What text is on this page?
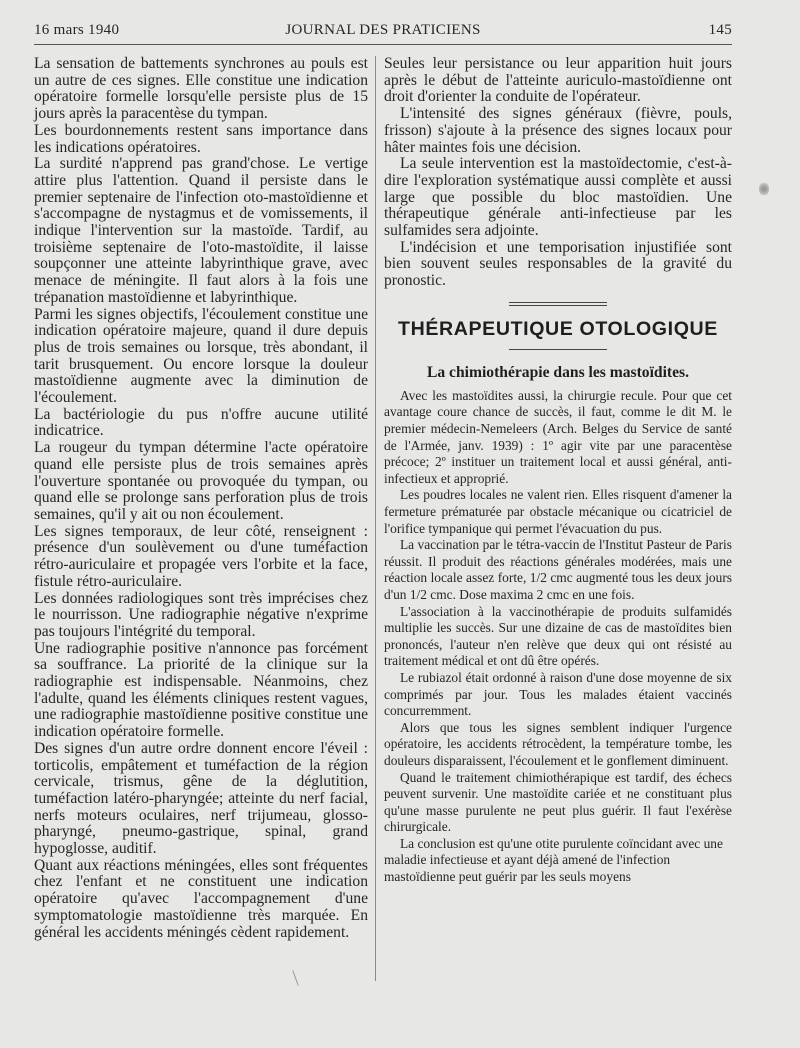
16 mars 1940	JOURNAL DES PRATICIENS	145

La sensation de battements synchrones au pouls est un autre de ces signes. Elle constitue une indication opératoire formelle lorsqu'elle persiste plus de 15 jours après la paracentèse du tympan.

Les bourdonnements restent sans importance dans les indications opératoires.

La surdité n'apprend pas grand'chose. Le vertige attire plus l'attention. Quand il persiste dans le premier septenaire de l'infection oto-mastoïdienne et s'accompagne de nystagmus et de vomissements, il indique l'intervention sur la mastoïde. Tardif, au troisième septenaire de l'oto-mastoïdite, il laisse soupçonner une atteinte labyrinthique grave, avec menace de méningite. Il faut alors à la fois une trépanation mastoïdienne et labyrinthique.

Parmi les signes objectifs, l'écoulement constitue une indication opératoire majeure, quand il dure depuis plus de trois semaines ou lorsque, très abondant, il tarit brusquement. Ou encore lorsque la douleur mastoïdienne augmente avec la diminution de l'écoulement.

La bactériologie du pus n'offre aucune utilité indicatrice.

La rougeur du tympan détermine l'acte opératoire quand elle persiste plus de trois semaines après l'ouverture spontanée ou provoquée du tympan, ou quand elle se prolonge sans perforation plus de trois semaines, qu'il y ait ou non écoulement.

Les signes temporaux, de leur côté, renseignent : présence d'un soulèvement ou d'une tuméfaction rétro-auriculaire et propagée vers l'orbite et la face, fistule rétro-auriculaire.

Les données radiologiques sont très imprécises chez le nourrisson. Une radiographie négative n'exprime pas toujours l'intégrité du temporal.

Une radiographie positive n'annonce pas forcément sa souffrance. La priorité de la clinique sur la radiographie est indispensable. Néanmoins, chez l'adulte, quand les éléments cliniques restent vagues, une radiographie mastoïdienne positive constitue une indication opératoire formelle.

Des signes d'un autre ordre donnent encore l'éveil : torticolis, empâtement et tuméfaction de la région cervicale, trismus, gêne de la déglutition, tuméfaction latéro-pharyngée; atteinte du nerf facial, nerfs moteurs oculaires, nerf trijumeau, glosso-pharyngé, pneumo-gastrique, spinal, grand hypoglosse, auditif.

Quant aux réactions méningées, elles sont fréquentes chez l'enfant et ne constituent une indication opératoire qu'avec l'accompagnement d'une symptomatologie mastoïdienne très marquée. En général les accidents méningés cèdent rapidement.

Seules leur persistance ou leur apparition huit jours après le début de l'atteinte auriculo-mastoïdienne ont droit d'orienter la conduite de l'opérateur.

L'intensité des signes généraux (fièvre, pouls, frisson) s'ajoute à la présence des signes locaux pour hâter maintes fois une décision.

La seule intervention est la mastoïdectomie, c'est-à-dire l'exploration systématique aussi complète et aussi large que possible du bloc mastoïdien. Une thérapeutique générale anti-infectieuse par les sulfamides sera adjointe.

L'indécision et une temporisation injustifiée sont bien souvent seules responsables de la gravité du pronostic.

THÉRAPEUTIQUE OTOLOGIQUE
La chimiothérapie dans les mastoïdites.

Avec les mastoïdites aussi, la chirurgie recule. Pour que cet avantage coure chance de succès, il faut, comme le dit M. le premier médecin-Nemeleers (Arch. Belges du Service de santé de l'Armée, janv. 1939) : 1º agir vite par une paracentèse précoce; 2º instituer un traitement local et aussi général, anti-infectieux et approprié.

Les poudres locales ne valent rien. Elles risquent d'amener la fermeture prématurée par obstacle mécanique ou cicatriciel de l'orifice tympanique qui permet l'évacuation du pus.

La vaccination par le tétra-vaccin de l'Institut Pasteur de Paris réussit. Il produit des réactions générales modérées, mais une réaction locale assez forte, 1/2 cmc augmenté tous les deux jours d'un 1/2 cmc. Dose maxima 2 cmc en une fois.

L'association à la vaccinothérapie de produits sulfamidés multiplie les succès. Sur une dizaine de cas de mastoïdites bien prononcés, l'auteur n'en relève que deux qui ont résisté au traitement médical et ont dû être opérés.

Le rubiazol était ordonné à raison d'une dose moyenne de six comprimés par jour. Tous les malades étaient vaccinés concurremment.

Alors que tous les signes semblent indiquer l'urgence opératoire, les accidents rétrocèdent, la température tombe, les douleurs disparaissent, l'écoulement et le gonflement diminuent.

Quand le traitement chimiothérapique est tardif, des échecs peuvent survenir. Une mastoïdite cariée et ne constituant plus qu'une masse purulente ne peut plus guérir. Il faut l'exérèse chirurgicale.

La conclusion est qu'une otite purulente coïncidant avec une maladie infectieuse et ayant déjà amené de l'infection mastoïdienne peut guérir par les seuls moyens
